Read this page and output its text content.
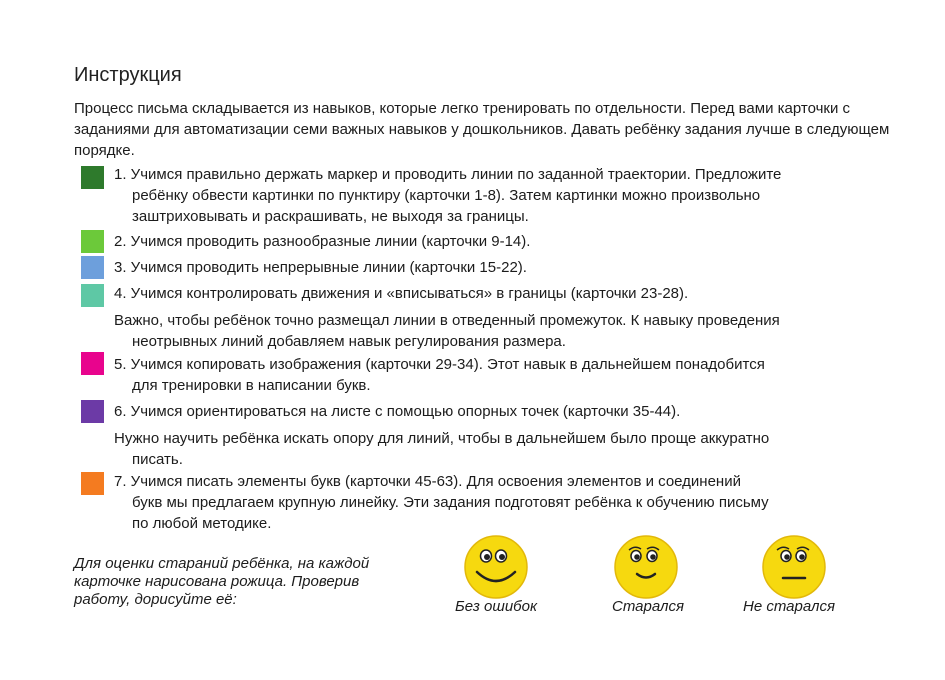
Инструкция
Процесс письма складывается из навыков, которые легко тренировать по отдельности. Перед вами карточки с заданиями для автоматизации семи важных навыков у дошкольников. Давать ребёнку задания лучше в следующем порядке.
1. Учимся правильно держать маркер и проводить линии по заданной траектории. Предложите
ребёнку обвести картинки по пунктиру (карточки 1-8). Затем картинки можно произвольно
заштриховывать и раскрашивать, не выходя за границы.
2. Учимся проводить разнообразные линии (карточки 9-14).
3. Учимся проводить непрерывные линии (карточки 15-22).
4. Учимся контролировать движения и «вписываться» в границы (карточки 23-28).
Важно, чтобы ребёнок точно размещал линии в отведенный промежуток. К навыку проведения
неотрывных линий добавляем навык регулирования размера.
5. Учимся копировать изображения (карточки 29-34). Этот навык в дальнейшем понадобится
для тренировки в написании букв.
6. Учимся ориентироваться на листе с помощью опорных точек (карточки 35-44).
Нужно научить ребёнка искать опору для линий, чтобы в дальнейшем было проще аккуратно
писать.
7. Учимся писать элементы букв (карточки 45-63). Для освоения элементов и соединений
букв мы предлагаем крупную линейку. Эти задания подготовят ребёнка к обучению письму
по любой методике.
Для оценки стараний ребёнка, на каждой карточке нарисована рожица. Проверив работу, дорисуйте её:	Без ошибок	Старался	Не старался
